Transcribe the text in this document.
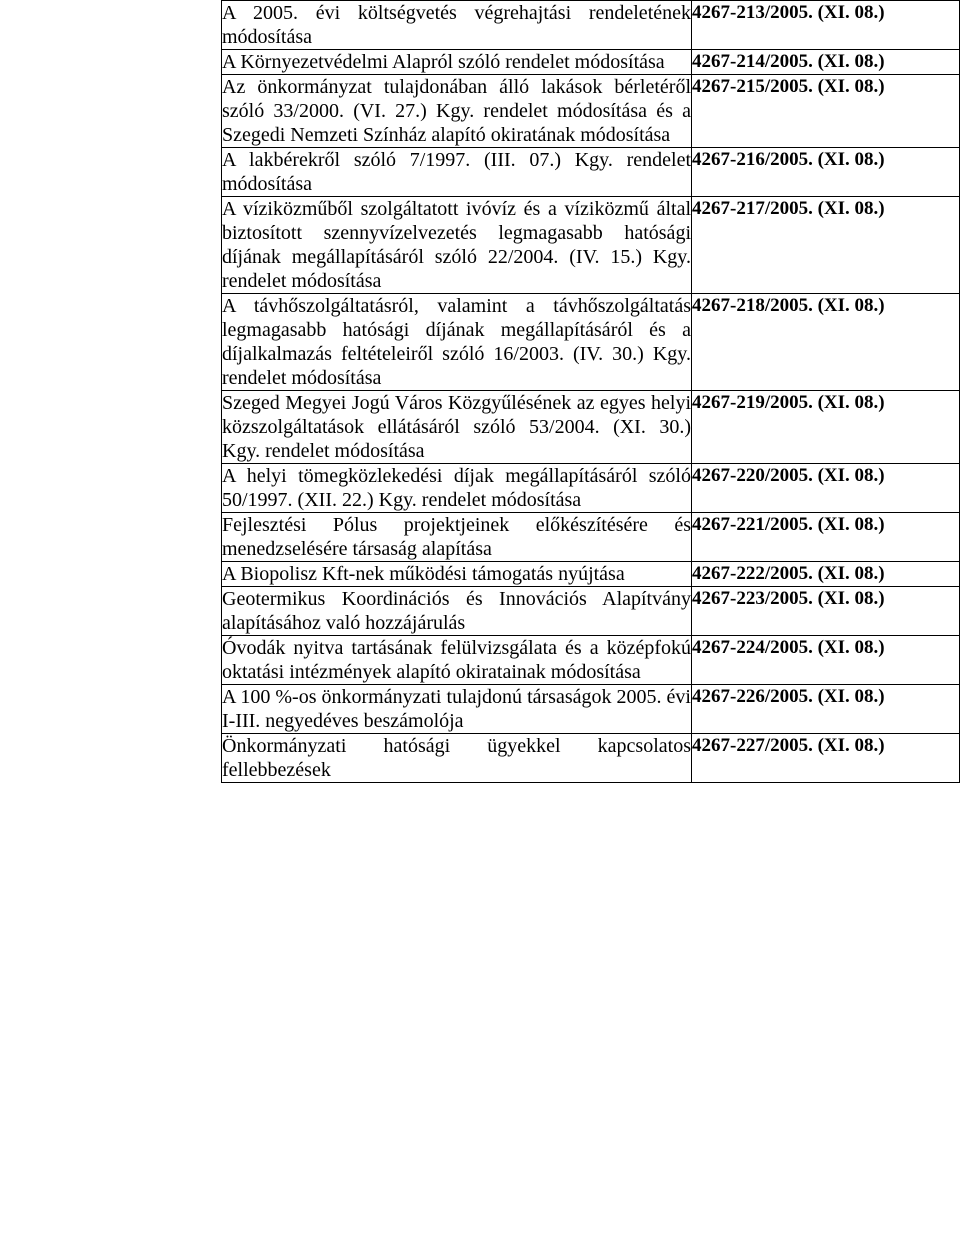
A 2005. évi költségvetés végrehajtási rendeletének módosítása	4267-213/2005. (XI. 08.)
A Környezetvédelmi Alapról szóló rendelet módosítása	4267-214/2005. (XI. 08.)
Az önkormányzat tulajdonában álló lakások bérletéről szóló 33/2000. (VI. 27.) Kgy. rendelet módosítása és a Szegedi Nemzeti Színház alapító okiratának módosítása	4267-215/2005. (XI. 08.)
A lakbérekről szóló 7/1997. (III. 07.) Kgy. rendelet módosítása	4267-216/2005. (XI. 08.)
A víziközműből szolgáltatott ivóvíz és a víziközmű által biztosított szennyvízelvezetés legmagasabb hatósági díjának megállapításáról szóló 22/2004. (IV. 15.) Kgy. rendelet módosítása	4267-217/2005. (XI. 08.)
A távhőszolgáltatásról, valamint a távhőszolgáltatás legmagasabb hatósági díjának megállapításáról és a díjalkalmazás feltételeiről szóló 16/2003. (IV. 30.) Kgy. rendelet módosítása	4267-218/2005. (XI. 08.)
Szeged Megyei Jogú Város Közgyűlésének az egyes helyi közszolgáltatások ellátásáról szóló 53/2004. (XI. 30.) Kgy. rendelet módosítása	4267-219/2005. (XI. 08.)
A helyi tömegközlekedési díjak megállapításáról szóló 50/1997. (XII. 22.) Kgy. rendelet módosítása	4267-220/2005. (XI. 08.)
Fejlesztési Pólus projektjeinek előkészítésére és menedzselésére társaság alapítása	4267-221/2005. (XI. 08.)
A Biopolisz Kft-nek működési támogatás nyújtása	4267-222/2005. (XI. 08.)
Geotermikus Koordinációs és Innovációs Alapítvány alapításához való hozzájárulás	4267-223/2005. (XI. 08.)
Óvodák nyitva tartásának felülvizsgálata és a középfokú oktatási intézmények alapító okiratainak módosítása	4267-224/2005. (XI. 08.)
A 100 %-os önkormányzati tulajdonú társaságok 2005. évi I-III. negyedéves beszámolója	4267-226/2005. (XI. 08.)
Önkormányzati hatósági ügyekkel kapcsolatos fellebbezések	4267-227/2005. (XI. 08.)
